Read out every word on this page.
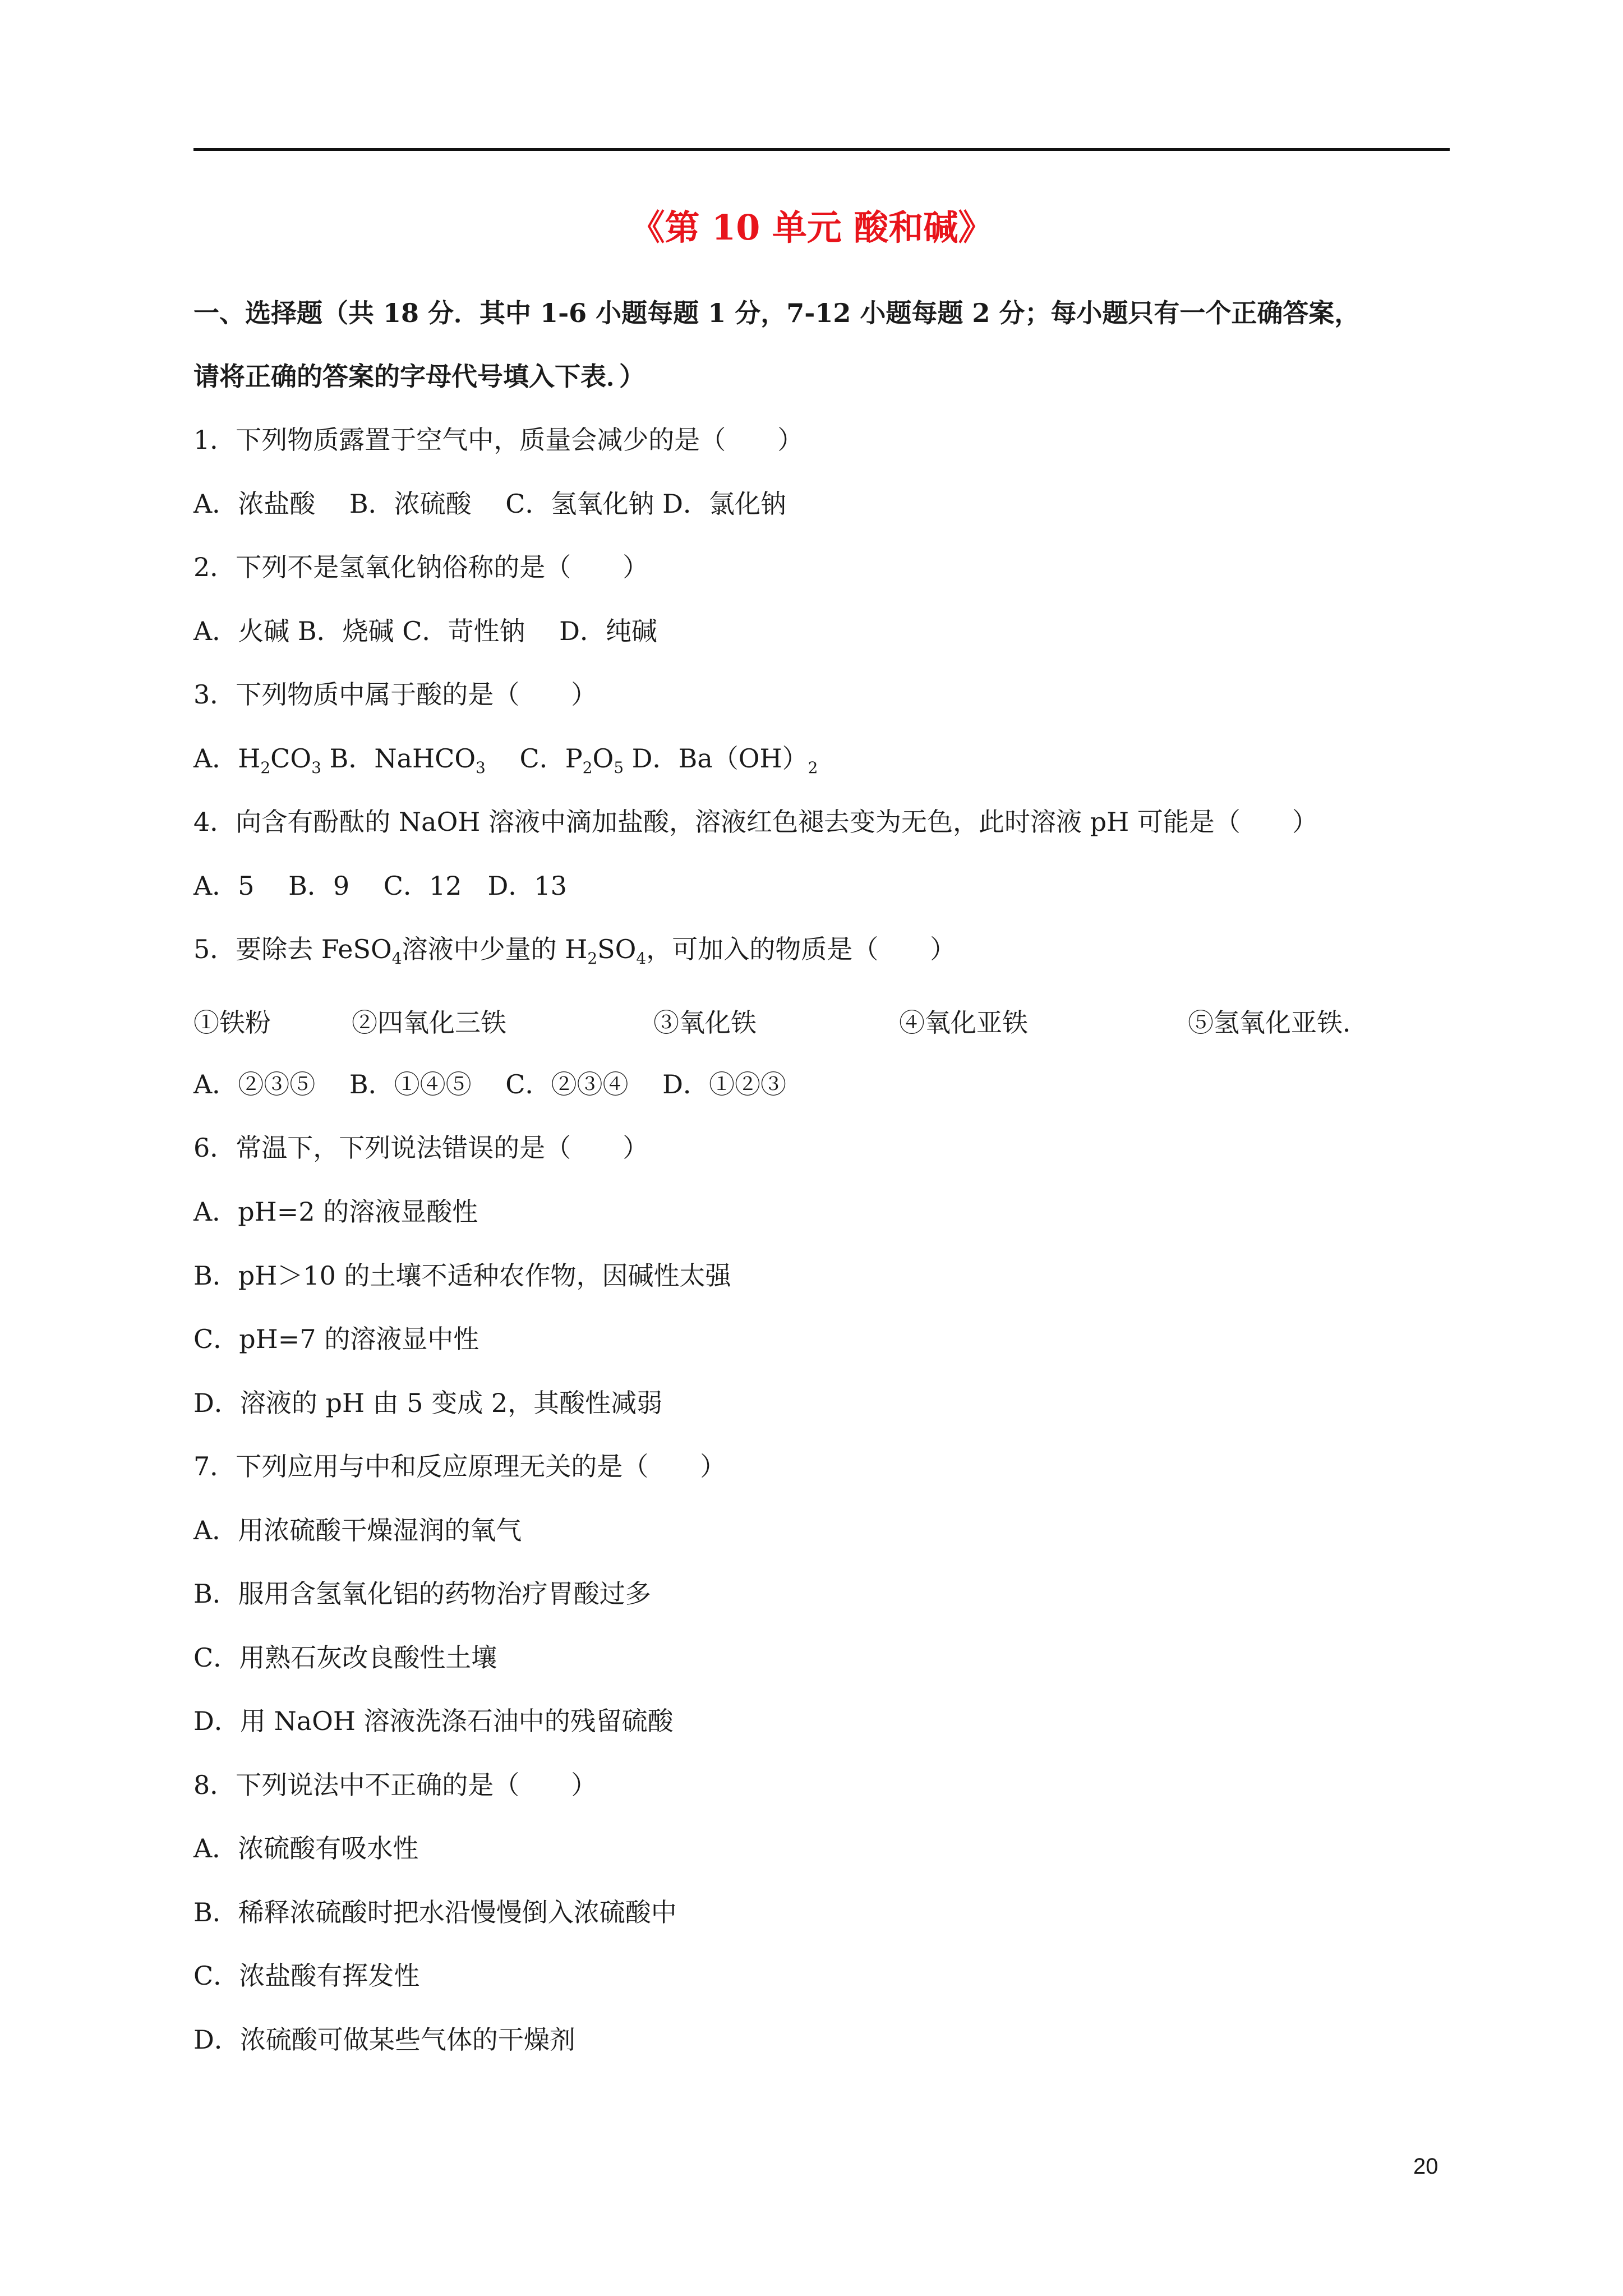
《第 10 单元 酸和碱》
一、选择题（共 18 分．其中 1-6 小题每题 1 分，7-12 小题每题 2 分；每小题只有一个正确答案，
请将正确的答案的字母代号填入下表．）
1．下列物质露置于空气中，质量会减少的是（　　）
A．浓盐酸　 B．浓硫酸　 C．氢氧化钠 D．氯化钠
2．下列不是氢氧化钠俗称的是（　　）
A．火碱 B．烧碱 C．苛性钠　 D．纯碱
3．下列物质中属于酸的是（　　）
A．$H_2CO_3$ B．NaHCO$_3$　 C．$P_2O_5$ D．$Ba(OH)_2$
4．向含有酚酞的 NaOH 溶液中滴加盐酸，溶液红色褪去变为无色，此时溶液 pH 可能是（　　）
A．5　 B．9　 C．12　D．13
5．要除去 FeSO$_4$溶液中少量的 $H_2SO_4$，可加入的物质是（　　）
①铁粉	②四氧化三铁	③氧化铁	④氧化亚铁	⑤氢氧化亚铁．
A．②③⑤　 B．①④⑤　 C．②③④　 D．①②③
6．常温下，下列说法错误的是（　　）
A．pH=2 的溶液显酸性
B．pH＞10 的土壤不适种农作物，因碱性太强
C．pH=7 的溶液显中性
D．溶液的 pH 由 5 变成 2，其酸性减弱
7．下列应用与中和反应原理无关的是（　　）
A．用浓硫酸干燥湿润的氧气
B．服用含氢氧化铝的药物治疗胃酸过多
C．用熟石灰改良酸性土壤
D．用 NaOH 溶液洗涤石油中的残留硫酸
8．下列说法中不正确的是（　　）
A．浓硫酸有吸水性
B．稀释浓硫酸时把水沿慢慢倒入浓硫酸中
C．浓盐酸有挥发性
D．浓硫酸可做某些气体的干燥剂
20
